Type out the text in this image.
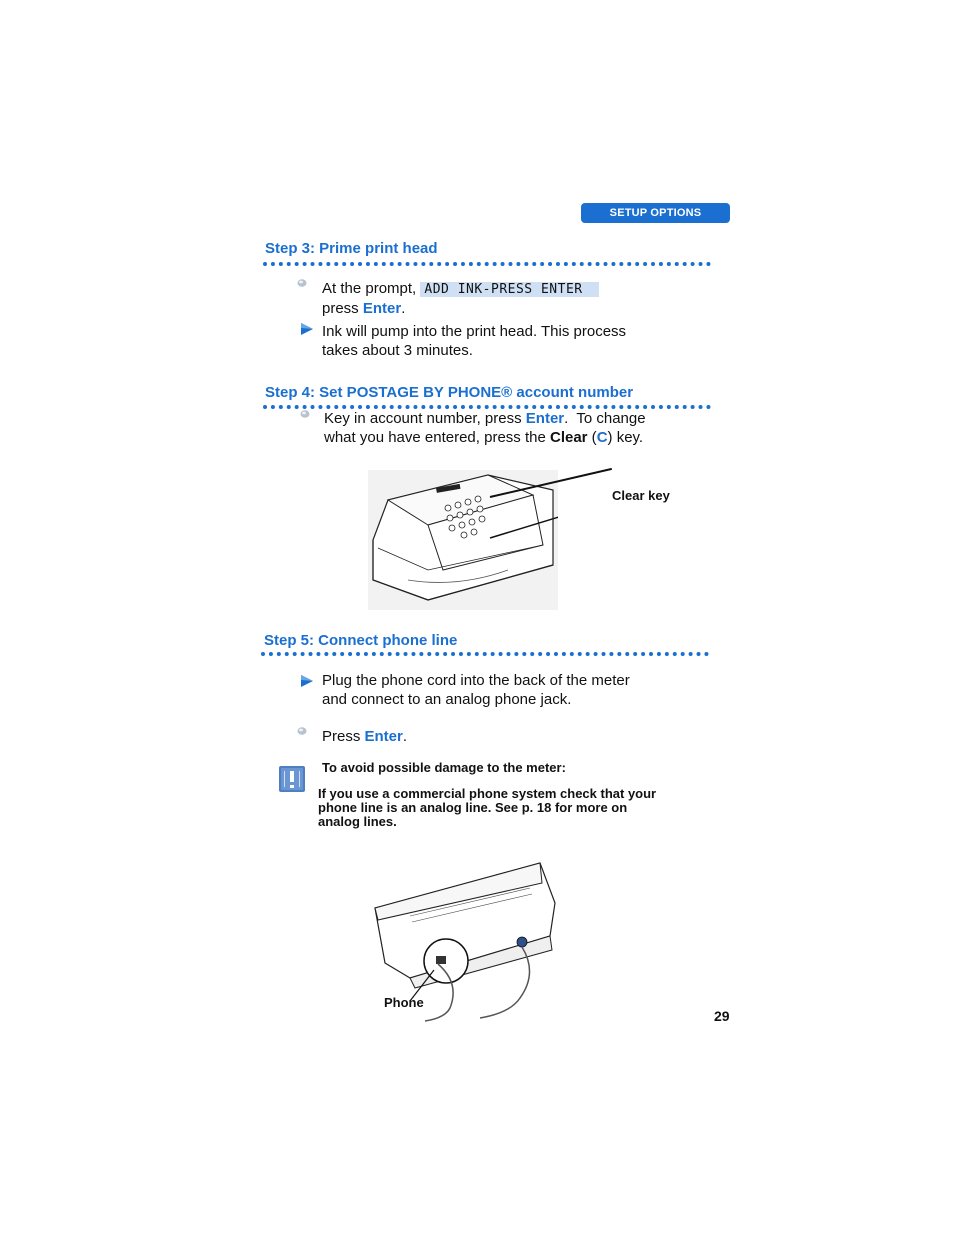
SETUP OPTIONS
Step 3: Prime print head
At the prompt, ADD INK-PRESS ENTER
press Enter.
Ink will pump into the print head. This process
takes about 3 minutes.
Step 4: Set POSTAGE BY PHONE® account number
Key in account number, press Enter.  To change
what you have entered, press the Clear (C) key.
Clear key
Step 5: Connect phone line
Plug the phone cord into the back of the meter
and connect to an analog phone jack.
Press Enter.
To avoid possible damage to the meter:
If you use a commercial phone system check that your
phone line is an analog line. See p. 18 for more on
analog lines.
Phone
29
